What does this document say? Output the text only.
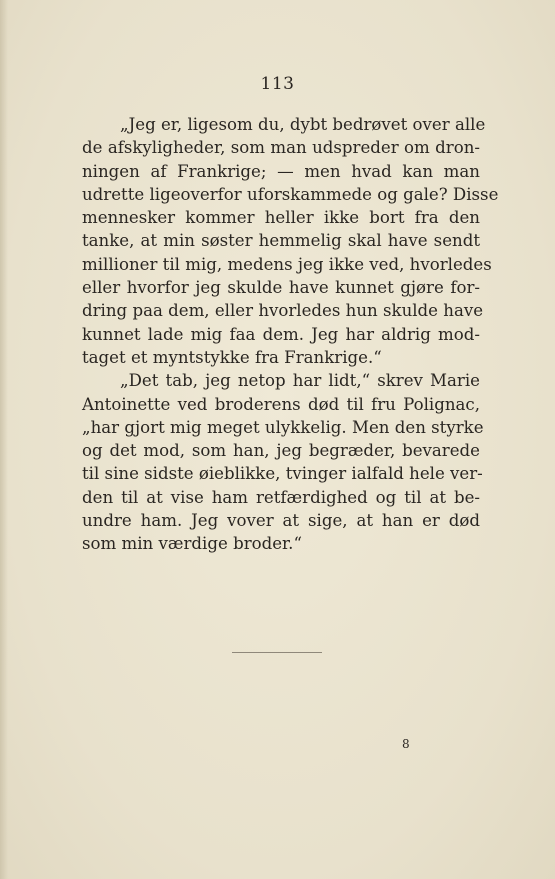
113
„Jeg er, ligesom du, dybt bedrøvet over alle
de afskyligheder, som man udspreder om dron-
ningen af Frankrige; — men hvad kan man
udrette ligeoverfor uforskammede og gale? Disse
mennesker kommer heller ikke bort fra den
tanke, at min søster hemmelig skal have sendt
millioner til mig, medens jeg ikke ved, hvorledes
eller hvorfor jeg skulde have kunnet gjøre for-
dring paa dem, eller hvorledes hun skulde have
kunnet lade mig faa dem. Jeg har aldrig mod-
taget et myntstykke fra Frankrige.“
„Det tab, jeg netop har lidt,“ skrev Marie
Antoinette ved broderens død til fru Polignac,
„har gjort mig meget ulykkelig. Men den styrke
og det mod, som han, jeg begræder, bevarede
til sine sidste øieblikke, tvinger ialfald hele ver-
den til at vise ham retfærdighed og til at be-
undre ham. Jeg vover at sige, at han er død
som min værdige broder.“
8
